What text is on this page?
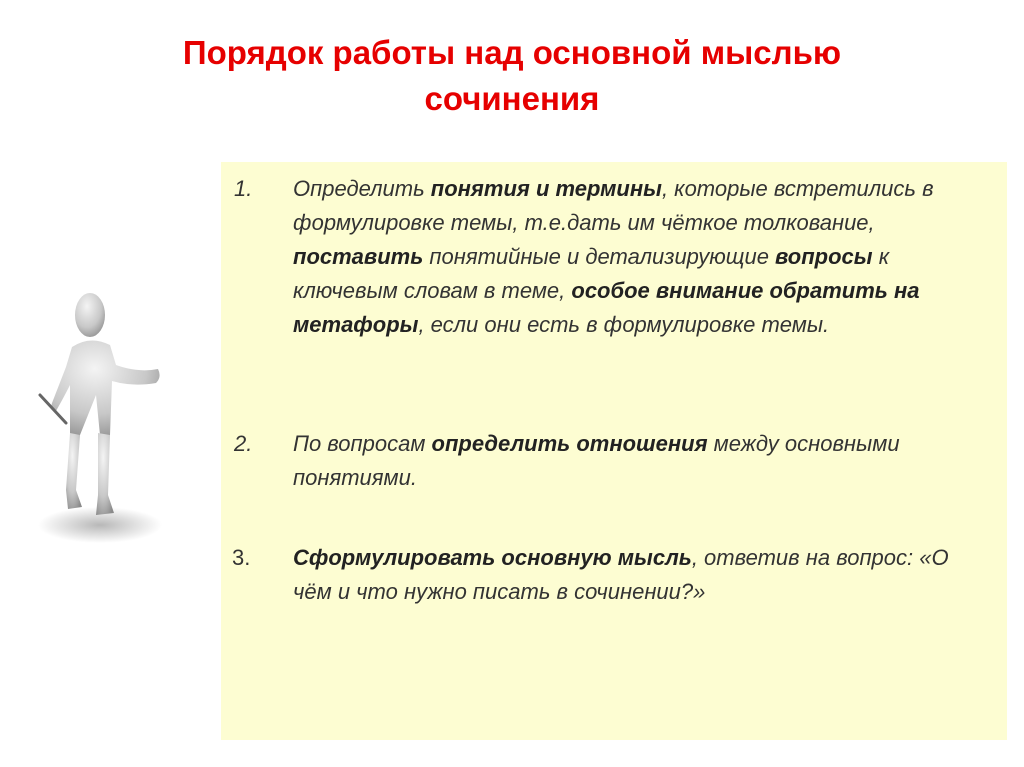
Порядок работы над основной мыслью
сочинения
1. Определить понятия и термины, которые встретились в формулировке темы, т.е.дать им чёткое толкование, поставить понятийные и детализирующие вопросы к ключевым словам в теме, особое внимание обратить на метафоры, если они есть в формулировке темы.
2. По вопросам определить отношения между основными понятиями.
3. Сформулировать основную мысль, ответив на вопрос: «О чём и что нужно писать в сочинении?»
